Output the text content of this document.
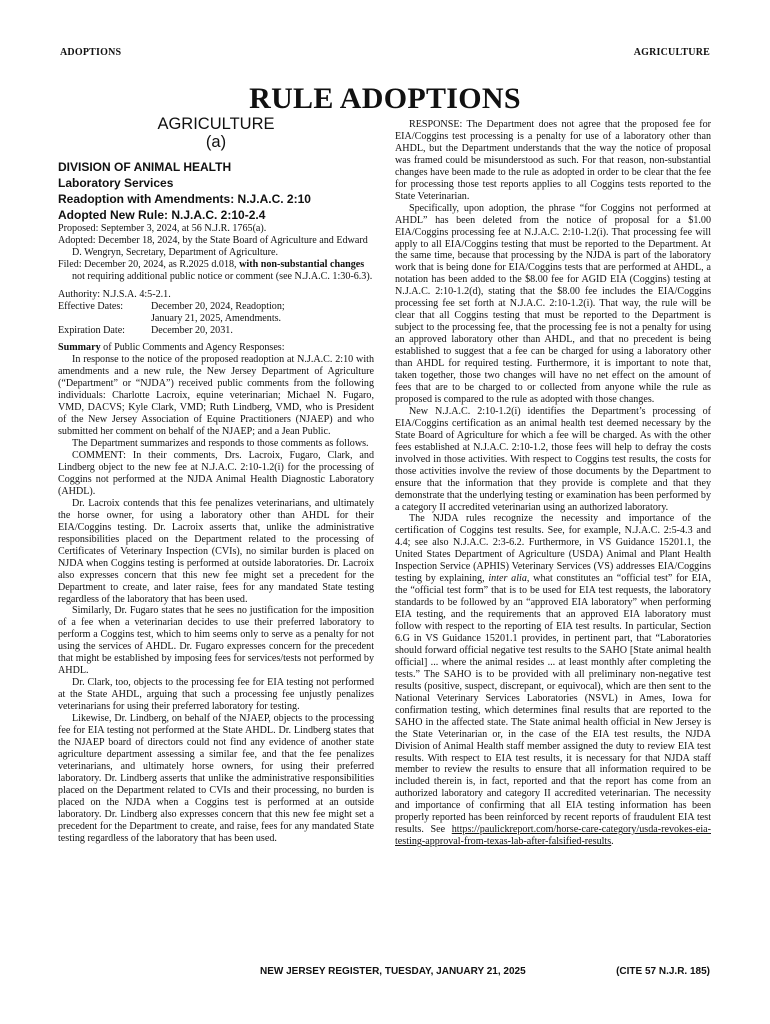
ADOPTIONS	AGRICULTURE
RULE ADOPTIONS
AGRICULTURE
(a)

DIVISION OF ANIMAL HEALTH

Laboratory Services

Readoption with Amendments: N.J.A.C. 2:10

Adopted New Rule: N.J.A.C. 2:10-2.4

Proposed: September 3, 2024, at 56 N.J.R. 1765(a).

Adopted: December 18, 2024, by the State Board of Agriculture and Edward D. Wengryn, Secretary, Department of Agriculture.

Filed: December 20, 2024, as R.2025 d.018, with non-substantial changes not requiring additional public notice or comment (see N.J.A.C. 1:30-6.3).

Authority: N.J.S.A. 4:5-2.1.

Effective Dates:	December 20, 2024, Readoption;
January 21, 2025, Amendments.
Expiration Date:	December 20, 2031.

Summary of Public Comments and Agency Responses:

In response to the notice of the proposed readoption at N.J.A.C. 2:10 with amendments and a new rule, the New Jersey Department of Agriculture (“Department” or “NJDA”) received public comments from the following individuals: Charlotte Lacroix, equine veterinarian; Michael N. Fugaro, VMD, DACVS; Kyle Clark, VMD; Ruth Lindberg, VMD, who is President of the New Jersey Association of Equine Practitioners (NJAEP) and who submitted her comment on behalf of the NJAEP; and a Jean Public.

The Department summarizes and responds to those comments as follows.

COMMENT: In their comments, Drs. Lacroix, Fugaro, Clark, and Lindberg object to the new fee at N.J.A.C. 2:10-1.2(i) for the processing of Coggins not performed at the NJDA Animal Health Diagnostic Laboratory (AHDL).

Dr. Lacroix contends that this fee penalizes veterinarians, and ultimately the horse owner, for using a laboratory other than AHDL for their EIA/Coggins testing. Dr. Lacroix asserts that, unlike the administrative responsibilities placed on the Department related to the processing of Certificates of Veterinary Inspection (CVIs), no similar burden is placed on NJDA when Coggins testing is performed at outside laboratories. Dr. Lacroix also expresses concern that this new fee might set a precedent for the Department to create, and later raise, fees for any mandated State testing regardless of the laboratory that has been used.

Similarly, Dr. Fugaro states that he sees no justification for the imposition of a fee when a veterinarian decides to use their preferred laboratory to perform a Coggins test, which to him seems only to serve as a penalty for not using the services of AHDL. Dr. Fugaro expresses concern for the precedent that might be established by imposing fees for services/tests not performed by AHDL.

Dr. Clark, too, objects to the processing fee for EIA testing not performed at the State AHDL, arguing that such a processing fee unjustly penalizes veterinarians for using their preferred laboratory for testing.

Likewise, Dr. Lindberg, on behalf of the NJAEP, objects to the processing fee for EIA testing not performed at the State AHDL. Dr. Lindberg states that the NJAEP board of directors could not find any evidence of another state agriculture department assessing a similar fee, and that the fee penalizes veterinarians, and ultimately horse owners, for using their preferred laboratory. Dr. Lindberg asserts that unlike the administrative responsibilities placed on the Department related to CVIs and their processing, no burden is placed on the NJDA when a Coggins test is performed at an outside laboratory. Dr. Lindberg also expresses concern that this new fee might set a precedent for the Department to create, and raise, fees for any mandated State testing regardless of the laboratory that has been used.

RESPONSE: The Department does not agree that the proposed fee for EIA/Coggins test processing is a penalty for use of a laboratory other than AHDL, but the Department understands that the way the notice of proposal was framed could be misunderstood as such. For that reason, non-substantial changes have been made to the rule as adopted in order to be clear that the fee for processing those test reports applies to all Coggins tests reported to the State Veterinarian.

Specifically, upon adoption, the phrase “for Coggins not performed at AHDL” has been deleted from the notice of proposal for a $1.00 EIA/Coggins processing fee at N.J.A.C. 2:10-1.2(i). That processing fee will apply to all EIA/Coggins testing that must be reported to the Department. At the same time, because that processing by the NJDA is part of the laboratory work that is being done for EIA/Coggins tests that are performed at AHDL, a notation has been added to the $8.00 fee for AGID EIA (Coggins) testing at N.J.A.C. 2:10-1.2(d), stating that the $8.00 fee includes the EIA/Coggins processing fee set forth at N.J.A.C. 2:10-1.2(i). That way, the rule will be clear that all Coggins testing that must be reported to the Department is subject to the processing fee, that the processing fee is not a penalty for using an approved laboratory other than AHDL, and that no precedent is being established to suggest that a fee can be charged for using a laboratory other than AHDL for required testing. Furthermore, it is important to note that, taken together, those two changes will have no net effect on the amount of fees that are to be charged to or collected from anyone while the rule as proposed is compared to the rule as adopted with those changes.

New N.J.A.C. 2:10-1.2(i) identifies the Department’s processing of EIA/Coggins certification as an animal health test deemed necessary by the State Board of Agriculture for which a fee will be charged. As with the other fees established at N.J.A.C. 2:10-1.2, those fees will help to defray the costs involved in those activities. With respect to Coggins test results, the costs for those activities involve the review of those documents by the Department to ensure that the information that they provide is complete and that they demonstrate that the underlying testing or examination has been performed by a category II accredited veterinarian using an authorized laboratory.

The NJDA rules recognize the necessity and importance of the certification of Coggins test results. See, for example, N.J.A.C. 2:5-4.3 and 4.4; see also N.J.A.C. 2:3-6.2. Furthermore, in VS Guidance 15201.1, the United States Department of Agriculture (USDA) Animal and Plant Health Inspection Service (APHIS) Veterinary Services (VS) addresses EIA/Coggins testing by explaining, inter alia, what constitutes an “official test” for EIA, the “official test form” that is to be used for EIA test requests, the laboratory standards to be followed by an “approved EIA laboratory” when performing EIA testing, and the requirements that an approved EIA laboratory must follow with respect to the reporting of EIA test results. In particular, Section 6.G in VS Guidance 15201.1 provides, in pertinent part, that “Laboratories should forward official negative test results to the SAHO [State animal health official] ... where the animal resides ... at least monthly after completing the tests.” The SAHO is to be provided with all preliminary non-negative test results (positive, suspect, discrepant, or equivocal), which are then sent to the National Veterinary Services Laboratories (NSVL) in Ames, Iowa for confirmation testing, which determines final results that are reported to the SAHO in the affected state. The State animal health official in New Jersey is the State Veterinarian or, in the case of the EIA test results, the NJDA Division of Animal Health staff member assigned the duty to review EIA test results. With respect to EIA test results, it is necessary for that NJDA staff member to review the results to ensure that all information required to be included therein is, in fact, reported and that the report has come from an authorized laboratory and category II accredited veterinarian. The necessity and importance of confirming that all EIA testing information has been properly reported has been reinforced by recent reports of fraudulent EIA test results. See https://paulickreport.com/horse-care-category/usda-revokes-eia-testing-approval-from-texas-lab-after-falsified-results.

NEW JERSEY REGISTER, TUESDAY, JANUARY 21, 2025	(CITE 57 N.J.R. 185)
